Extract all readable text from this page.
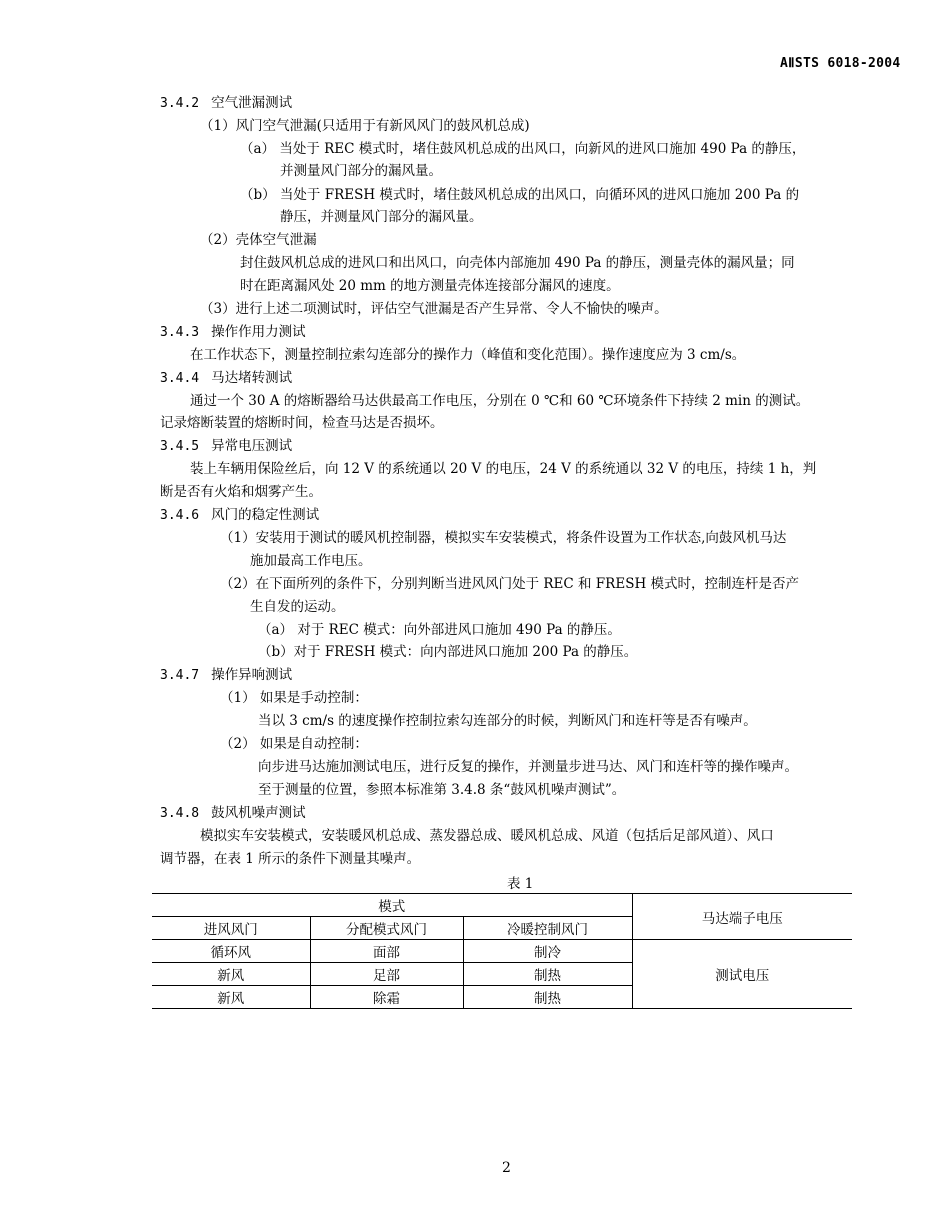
AⅡSTS 6018-2004
3.4.2 空气泄漏测试
（1）风门空气泄漏(只适用于有新风风门的鼓风机总成)
（a） 当处于 REC 模式时，堵住鼓风机总成的出风口，向新风的进风口施加 490 Pa 的静压，
并测量风门部分的漏风量。
（b） 当处于 FRESH 模式时，堵住鼓风机总成的出风口，向循环风的进风口施加 200 Pa 的
静压，并测量风门部分的漏风量。
（2）壳体空气泄漏
封住鼓风机总成的进风口和出风口，向壳体内部施加 490 Pa 的静压，测量壳体的漏风量；同
时在距离漏风处 20 mm 的地方测量壳体连接部分漏风的速度。
（3）进行上述二项测试时，评估空气泄漏是否产生异常、令人不愉快的噪声。
3.4.3 操作作用力测试
在工作状态下，测量控制拉索勾连部分的操作力（峰值和变化范围）。操作速度应为 3 cm/s。
3.4.4 马达堵转测试
通过一个 30 A 的熔断器给马达供最高工作电压，分别在 0 ℃和 60 ℃环境条件下持续 2 min 的测试。
记录熔断装置的熔断时间，检查马达是否损坏。
3.4.5 异常电压测试
装上车辆用保险丝后，向 12 V 的系统通以 20 V 的电压，24 V 的系统通以 32 V 的电压，持续 1 h，判
断是否有火焰和烟雾产生。
3.4.6 风门的稳定性测试
（1）安装用于测试的暖风机控制器，模拟实车安装模式，将条件设置为工作状态,向鼓风机马达
施加最高工作电压。
（2）在下面所列的条件下，分别判断当进风风门处于 REC 和 FRESH 模式时，控制连杆是否产
生自发的运动。
（a） 对于 REC 模式：向外部进风口施加 490 Pa 的静压。
（b）对于 FRESH 模式：向内部进风口施加 200 Pa 的静压。
3.4.7 操作异响测试
（1） 如果是手动控制：
当以 3 cm/s 的速度操作控制拉索勾连部分的时候，判断风门和连杆等是否有噪声。
（2） 如果是自动控制：
向步进马达施加测试电压，进行反复的操作，并测量步进马达、风门和连杆等的操作噪声。
至于测量的位置，参照本标准第 3.4.8 条“鼓风机噪声测试”。
3.4.8 鼓风机噪声测试
模拟实车安装模式，安装暖风机总成、蒸发器总成、暖风机总成、风道（包括后足部风道）、风口
调节器，在表 1 所示的条件下测量其噪声。
表 1
模式			马达端子电压
进风风门	分配模式风门	冷暖控制风门	
循环风	面部	制冷	测试电压
新风	足部	制热	
新风	除霜	制热	
2
